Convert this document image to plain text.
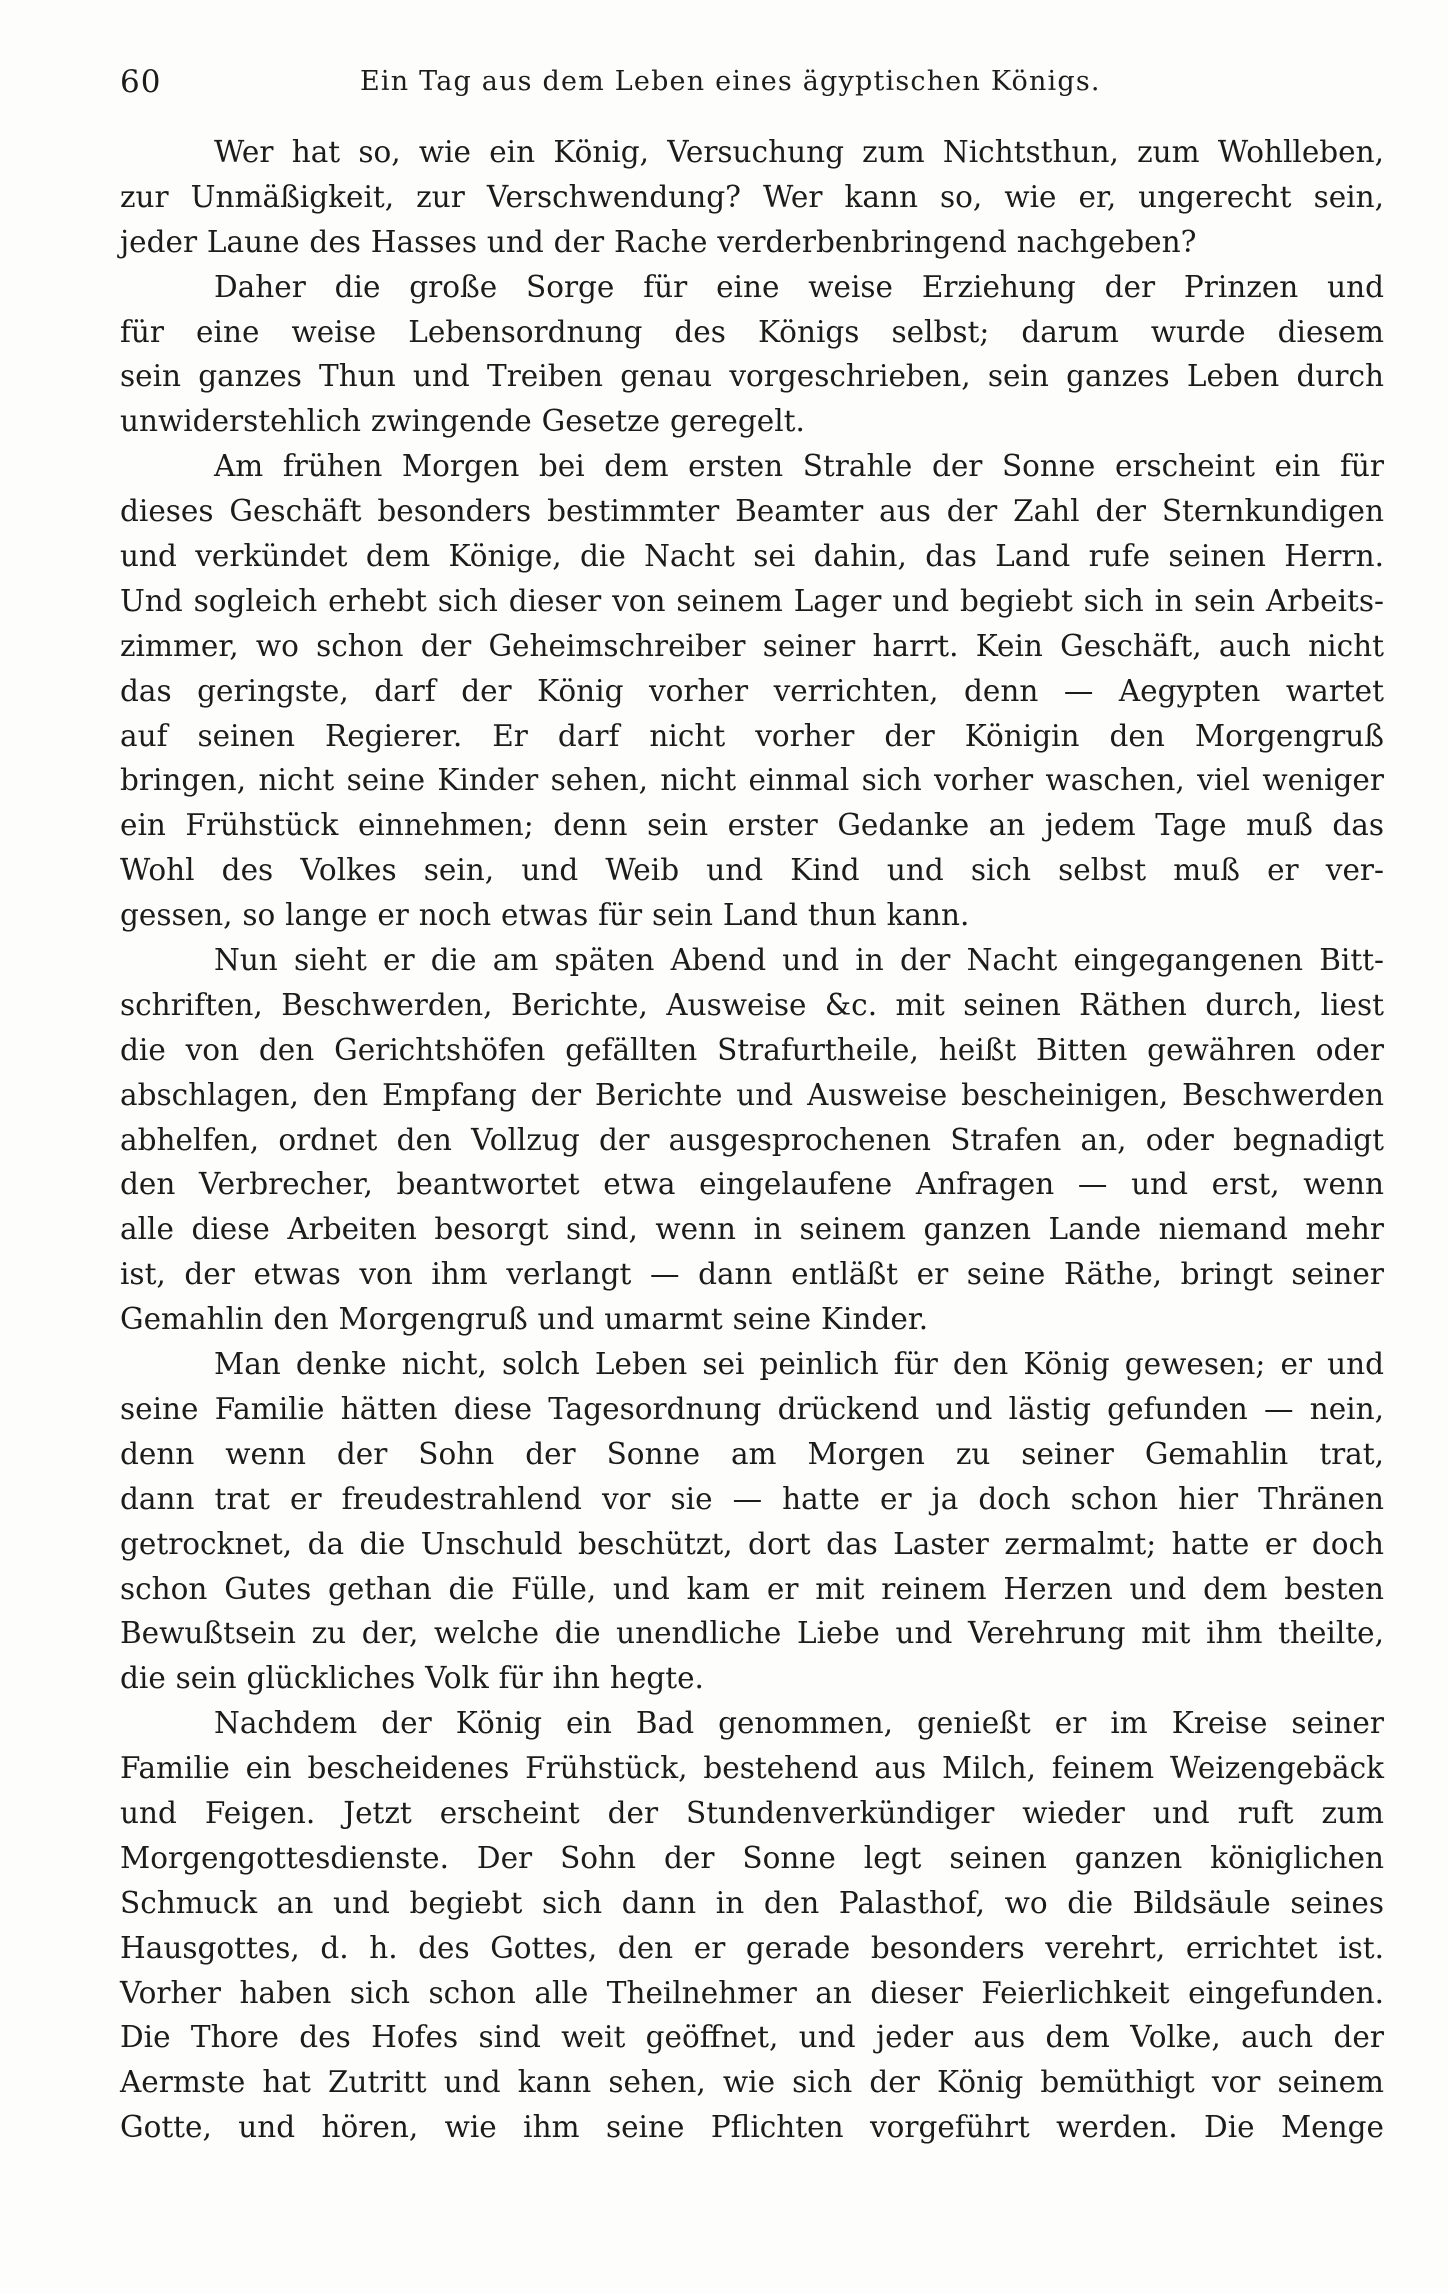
60	Ein Tag aus dem Leben eines ägyptischen Königs.
Wer hat so, wie ein König, Versuchung zum Nichtsthun, zum Wohlleben,
zur Unmäßigkeit, zur Verschwendung? Wer kann so, wie er, ungerecht sein,
jeder Laune des Hasses und der Rache verderbenbringend nachgeben?
Daher die große Sorge für eine weise Erziehung der Prinzen und
für eine weise Lebensordnung des Königs selbst; darum wurde diesem
sein ganzes Thun und Treiben genau vorgeschrieben, sein ganzes Leben durch
unwiderstehlich zwingende Gesetze geregelt.
Am frühen Morgen bei dem ersten Strahle der Sonne erscheint ein für
dieses Geschäft besonders bestimmter Beamter aus der Zahl der Sternkundigen
und verkündet dem Könige, die Nacht sei dahin, das Land rufe seinen Herrn.
Und sogleich erhebt sich dieser von seinem Lager und begiebt sich in sein Arbeits-
zimmer, wo schon der Geheimschreiber seiner harrt. Kein Geschäft, auch nicht
das geringste, darf der König vorher verrichten, denn — Aegypten wartet
auf seinen Regierer. Er darf nicht vorher der Königin den Morgengruß
bringen, nicht seine Kinder sehen, nicht einmal sich vorher waschen, viel weniger
ein Frühstück einnehmen; denn sein erster Gedanke an jedem Tage muß das
Wohl des Volkes sein, und Weib und Kind und sich selbst muß er ver-
gessen, so lange er noch etwas für sein Land thun kann.
Nun sieht er die am späten Abend und in der Nacht eingegangenen Bitt-
schriften, Beschwerden, Berichte, Ausweise &c. mit seinen Räthen durch, liest
die von den Gerichtshöfen gefällten Strafurtheile, heißt Bitten gewähren oder
abschlagen, den Empfang der Berichte und Ausweise bescheinigen, Beschwerden
abhelfen, ordnet den Vollzug der ausgesprochenen Strafen an, oder begnadigt
den Verbrecher, beantwortet etwa eingelaufene Anfragen — und erst, wenn
alle diese Arbeiten besorgt sind, wenn in seinem ganzen Lande niemand mehr
ist, der etwas von ihm verlangt — dann entläßt er seine Räthe, bringt seiner
Gemahlin den Morgengruß und umarmt seine Kinder.
Man denke nicht, solch Leben sei peinlich für den König gewesen; er und
seine Familie hätten diese Tagesordnung drückend und lästig gefunden — nein,
denn wenn der Sohn der Sonne am Morgen zu seiner Gemahlin trat,
dann trat er freudestrahlend vor sie — hatte er ja doch schon hier Thränen
getrocknet, da die Unschuld beschützt, dort das Laster zermalmt; hatte er doch
schon Gutes gethan die Fülle, und kam er mit reinem Herzen und dem besten
Bewußtsein zu der, welche die unendliche Liebe und Verehrung mit ihm theilte,
die sein glückliches Volk für ihn hegte.
Nachdem der König ein Bad genommen, genießt er im Kreise seiner
Familie ein bescheidenes Frühstück, bestehend aus Milch, feinem Weizengebäck
und Feigen. Jetzt erscheint der Stundenverkündiger wieder und ruft zum
Morgengottesdienste. Der Sohn der Sonne legt seinen ganzen königlichen
Schmuck an und begiebt sich dann in den Palasthof, wo die Bildsäule seines
Hausgottes, d. h. des Gottes, den er gerade besonders verehrt, errichtet ist.
Vorher haben sich schon alle Theilnehmer an dieser Feierlichkeit eingefunden.
Die Thore des Hofes sind weit geöffnet, und jeder aus dem Volke, auch der
Aermste hat Zutritt und kann sehen, wie sich der König bemüthigt vor seinem
Gotte, und hören, wie ihm seine Pflichten vorgeführt werden. Die Menge
